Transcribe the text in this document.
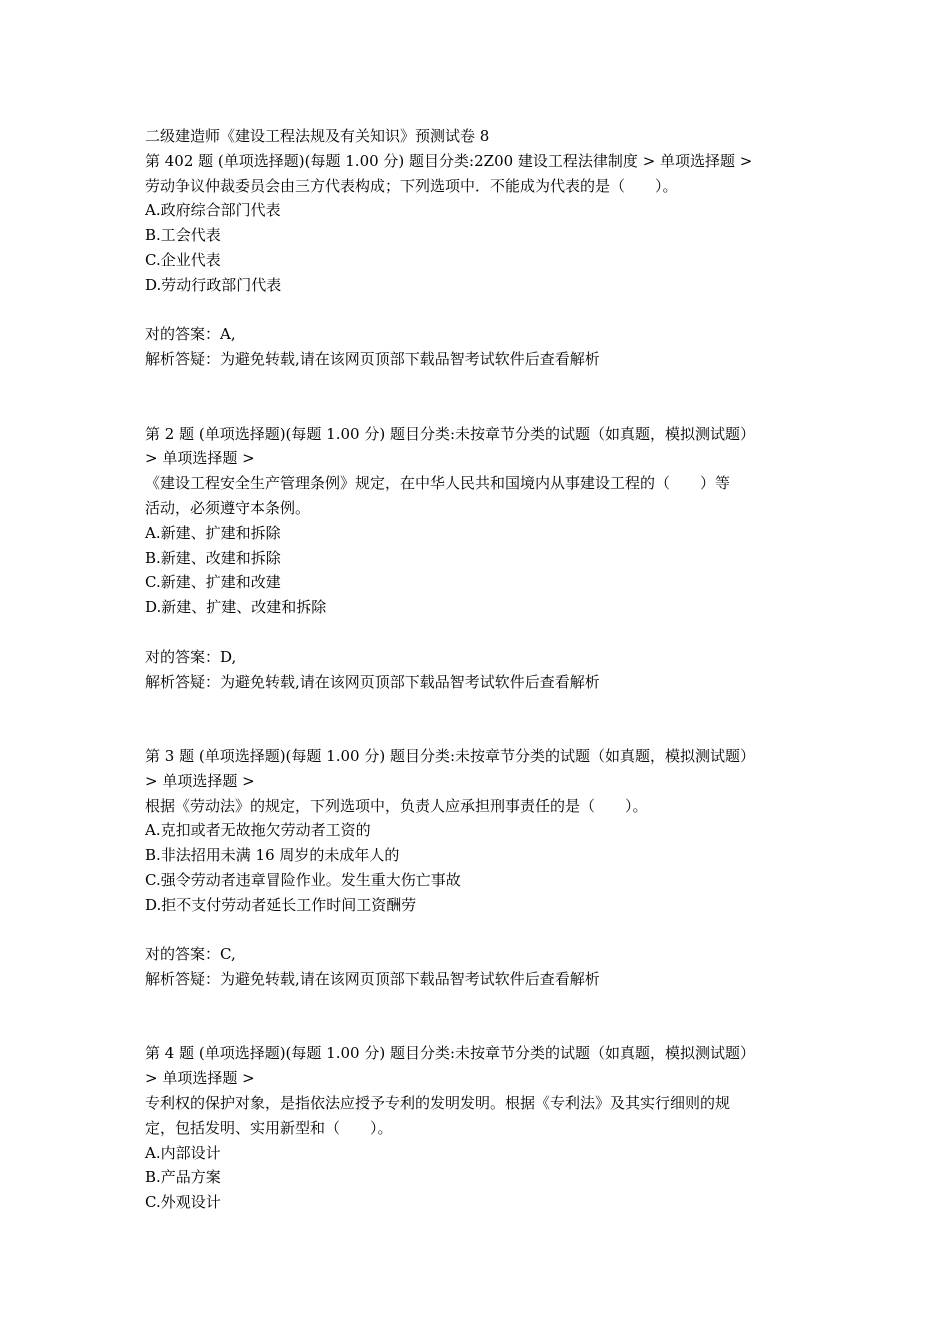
二级建造师《建设工程法规及有关知识》预测试卷 8
第 402 题 (单项选择题)(每题 1.00 分) 题目分类:2Z00 建设工程法律制度 > 单项选择题 >
劳动争议仲裁委员会由三方代表构成；下列选项中．不能成为代表的是（　　）。
A.政府综合部门代表
B.工会代表
C.企业代表
D.劳动行政部门代表
对的答案：A,
解析答疑：为避免转载,请在该网页顶部下载品智考试软件后查看解析
第 2 题 (单项选择题)(每题 1.00 分) 题目分类:未按章节分类的试题（如真题，模拟测试题）
> 单项选择题 >
《建设工程安全生产管理条例》规定，在中华人民共和国境内从事建设工程的（　　）等
活动，必须遵守本条例。
A.新建、扩建和拆除
B.新建、改建和拆除
C.新建、扩建和改建
D.新建、扩建、改建和拆除
对的答案：D,
解析答疑：为避免转载,请在该网页顶部下载品智考试软件后查看解析
第 3 题 (单项选择题)(每题 1.00 分) 题目分类:未按章节分类的试题（如真题，模拟测试题）
> 单项选择题 >
根据《劳动法》的规定，下列选项中，负责人应承担刑事责任的是（　　）。
A.克扣或者无故拖欠劳动者工资的
B.非法招用未满 16 周岁的未成年人的
C.强令劳动者违章冒险作业。发生重大伤亡事故
D.拒不支付劳动者延长工作时间工资酬劳
对的答案：C,
解析答疑：为避免转载,请在该网页顶部下载品智考试软件后查看解析
第 4 题 (单项选择题)(每题 1.00 分) 题目分类:未按章节分类的试题（如真题，模拟测试题）
> 单项选择题 >
专利权的保护对象，是指依法应授予专利的发明发明。根据《专利法》及其实行细则的规
定，包括发明、实用新型和（　　）。
A.内部设计
B.产品方案
C.外观设计
